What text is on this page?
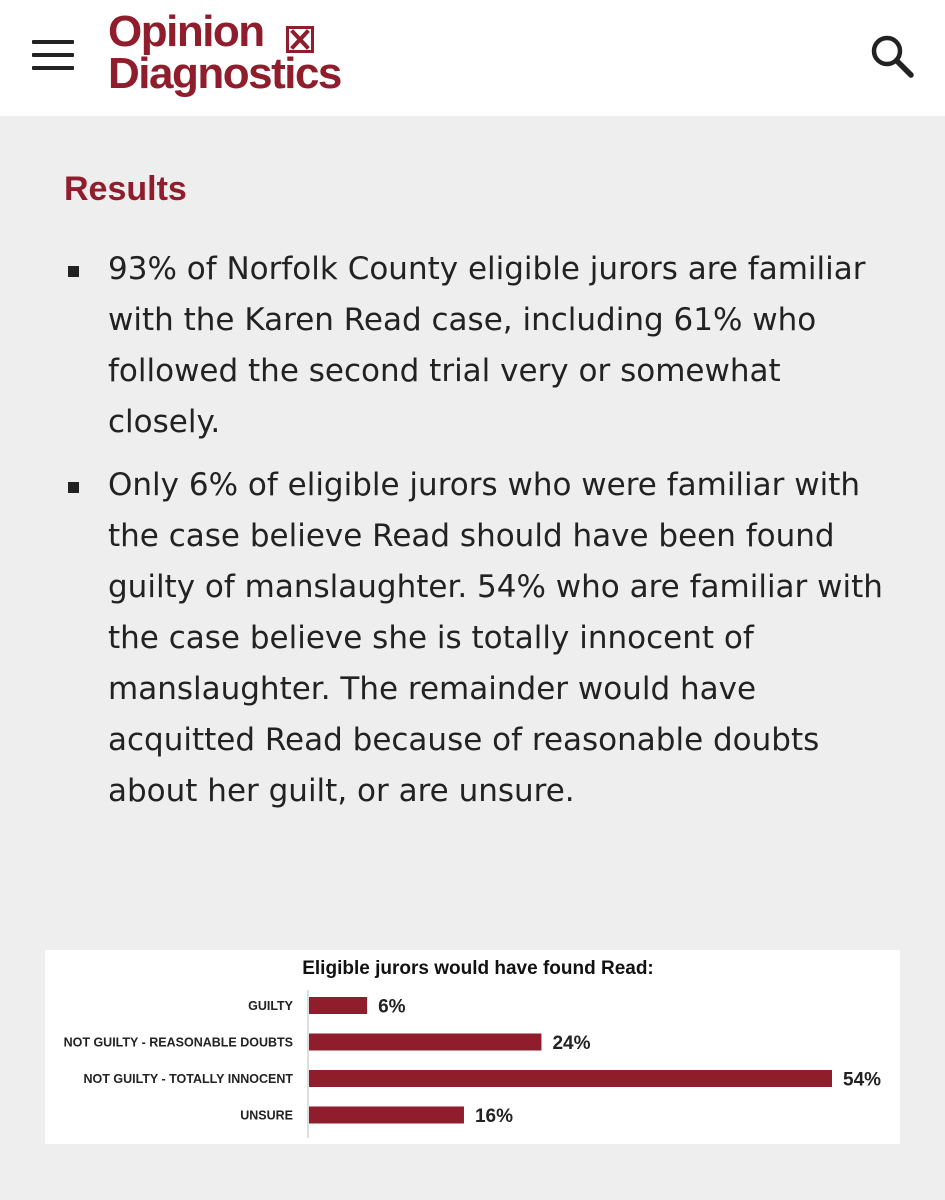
Opinion
Diagnostics
Results
93% of Norfolk County eligible jurors are familiar with the Karen Read case, including 61% who followed the second trial very or somewhat closely.
Only 6% of eligible jurors who were familiar with the case believe Read should have been found guilty of manslaughter. 54% who are familiar with the case believe she is totally innocent of manslaughter. The remainder would have acquitted Read because of reasonable doubts about her guilt, or are unsure.
Eligible jurors would have found Read:
GUILTY	6%
NOT GUILTY - REASONABLE DOUBTS	24%
NOT GUILTY - TOTALLY INNOCENT	54%
UNSURE	16%
